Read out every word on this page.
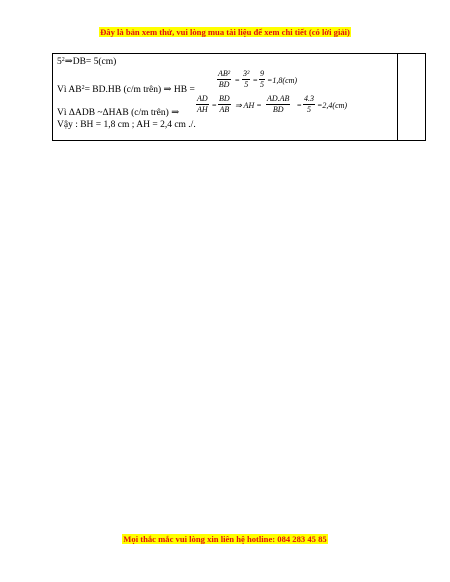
Đây là bản xem thử, vui lòng mua tài liệu để xem chi tiết (có lời giải)
$5^2\Rightarrow DB= 5(cm)$
Vì $AB^2= BD.HB$ (c/m trên) ⇒ HB =
$\frac{\text{AB²}}{BD} = \frac{\text{3²}}{5} = \frac{9}{5} =1,8(cm)$
Vì ΔADB ~ΔHAB (c/m trên) ⇒ $\frac{AD}{AH} = \frac{BD}{AB}$ ⇒ AH = $\frac{AD.AB}{BD} = \frac{4.3}{5} =2,4(cm)$
Vậy : BH = 1,8 cm ; AH = 2,4 cm ./.
Mọi thắc mắc vui lòng xin liên hệ hotline: 084 283 45 85
